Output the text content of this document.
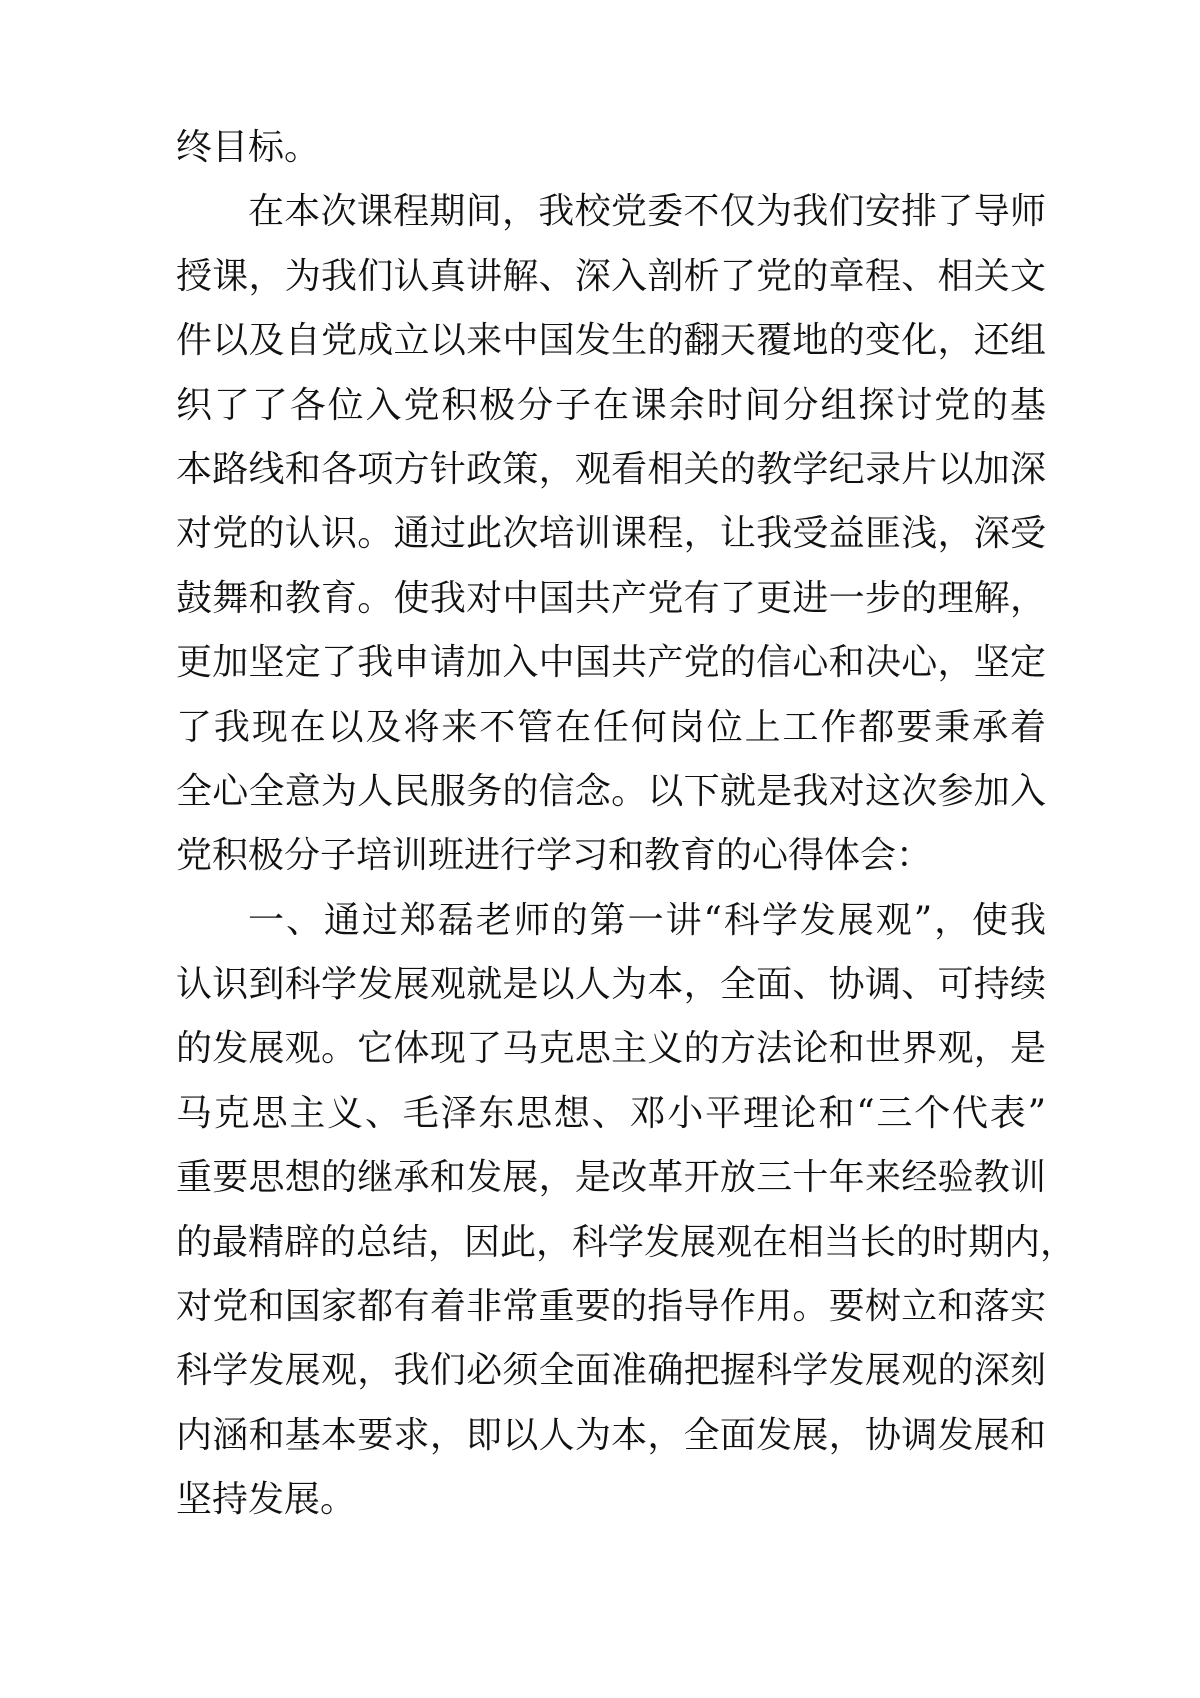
终目标。
在本次课程期间，我校党委不仅为我们安排了导师
授课，为我们认真讲解、深入剖析了党的章程、相关文
件以及自党成立以来中国发生的翻天覆地的变化，还组
织了了各位入党积极分子在课余时间分组探讨党的基
本路线和各项方针政策，观看相关的教学纪录片以加深
对党的认识。通过此次培训课程，让我受益匪浅，深受
鼓舞和教育。使我对中国共产党有了更进一步的理解，
更加坚定了我申请加入中国共产党的信心和决心，坚定
了我现在以及将来不管在任何岗位上工作都要秉承着
全心全意为人民服务的信念。以下就是我对这次参加入
党积极分子培训班进行学习和教育的心得体会：
一、通过郑磊老师的第一讲“科学发展观”，使我
认识到科学发展观就是以人为本，全面、协调、可持续
的发展观。它体现了马克思主义的方法论和世界观，是
马克思主义、毛泽东思想、邓小平理论和“三个代表”
重要思想的继承和发展，是改革开放三十年来经验教训
的最精辟的总结，因此，科学发展观在相当长的时期内，
对党和国家都有着非常重要的指导作用。要树立和落实
科学发展观，我们必须全面准确把握科学发展观的深刻
内涵和基本要求，即以人为本，全面发展，协调发展和
坚持发展。
